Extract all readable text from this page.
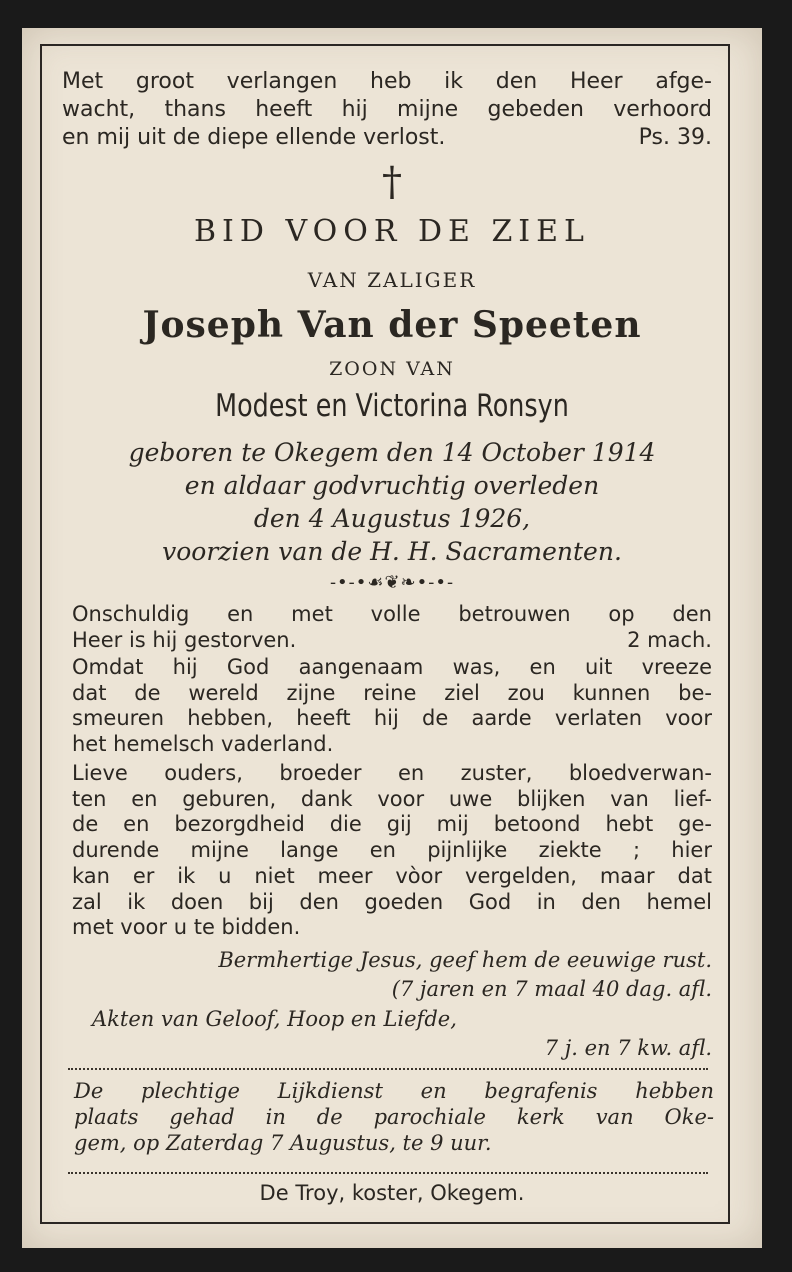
Met groot verlangen heb ik den Heer afge-
wacht, thans heeft hij mijne gebeden verhoord
en mij uit de diepe ellende verlost.	Ps. 39.
†
BID VOOR DE ZIEL
VAN ZALIGER
Joseph Van der Speeten
ZOON VAN
Modest en Victorina Ronsyn
geboren te Okegem den 14 October 1914
en aldaar godvruchtig overleden
den 4 Augustus 1926,
voorzien van de H. H. Sacramenten.
-•-•☙❦❧•-•-
Onschuldig en met volle betrouwen op den
Heer is hij gestorven.	2 mach.
Omdat hij God aangenaam was, en uit vreeze
dat de wereld zijne reine ziel zou kunnen be-
smeuren hebben, heeft hij de aarde verlaten voor
het hemelsch vaderland.
Lieve ouders, broeder en zuster, bloedverwan-
ten en geburen, dank voor uwe blijken van lief-
de en bezorgdheid die gij mij betoond hebt ge-
durende mijne lange en pijnlijke ziekte ; hier
kan er ik u niet meer vòor vergelden, maar dat
zal ik doen bij den goeden God in den hemel
met voor u te bidden.
Bermhertige Jesus, geef hem de eeuwige rust.
(7 jaren en 7 maal 40 dag. afl.
Akten van Geloof, Hoop en Liefde,
7 j. en 7 kw. afl.
De plechtige Lijkdienst en begrafenis hebben
plaats gehad in de parochiale kerk van Oke-
gem, op Zaterdag 7 Augustus, te 9 uur.
De Troy, koster, Okegem.
